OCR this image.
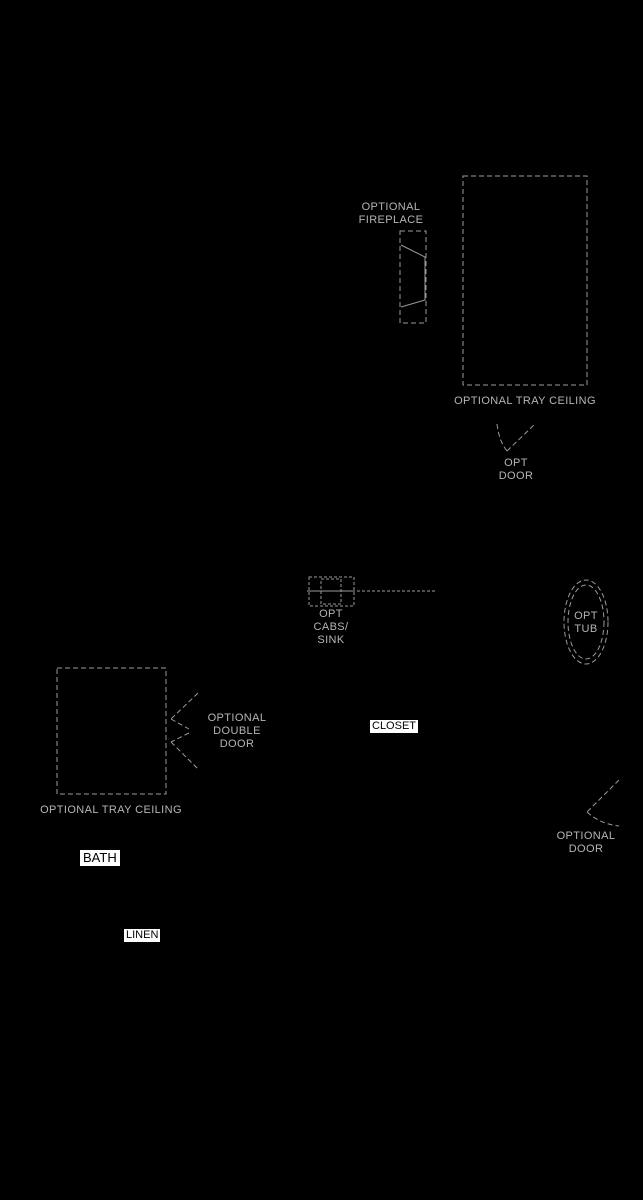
OPTIONAL
FIREPLACE
OPTIONAL TRAY CEILING
OPT
DOOR
OPT
CABS/
SINK
OPT
TUB
OPTIONAL
DOUBLE
DOOR
OPTIONAL TRAY CEILING
OPTIONAL
DOOR
CLOSET
BATH
LINEN
